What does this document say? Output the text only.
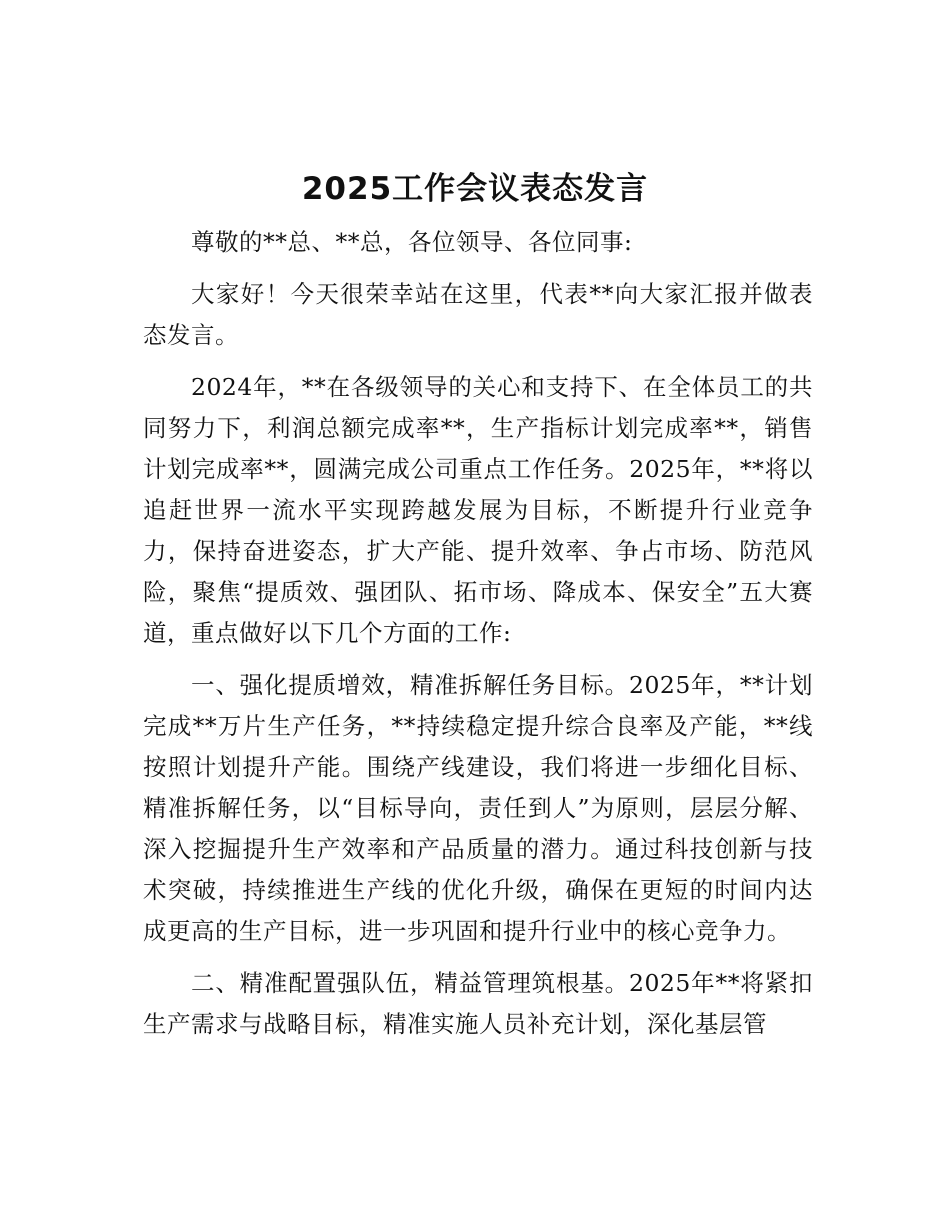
2025工作会议表态发言

尊敬的**总、**总，各位领导、各位同事:

大家好！今天很荣幸站在这里，代表**向大家汇报并做表态发言。

2024年，**在各级领导的关心和支持下、在全体员工的共同努力下，利润总额完成率**，生产指标计划完成率**，销售计划完成率**，圆满完成公司重点工作任务。2025年，**将以追赶世界一流水平实现跨越发展为目标，不断提升行业竞争力，保持奋进姿态，扩大产能、提升效率、争占市场、防范风险，聚焦“提质效、强团队、拓市场、降成本、保安全”五大赛道，重点做好以下几个方面的工作:

一、强化提质增效，精准拆解任务目标。2025年，**计划完成**万片生产任务，**持续稳定提升综合良率及产能，**线按照计划提升产能。围绕产线建设，我们将进一步细化目标、精准拆解任务，以“目标导向，责任到人”为原则，层层分解、深入挖掘提升生产效率和产品质量的潜力。通过科技创新与技术突破，持续推进生产线的优化升级，确保在更短的时间内达成更高的生产目标，进一步巩固和提升行业中的核心竞争力。

二、精准配置强队伍，精益管理筑根基。2025年**将紧扣生产需求与战略目标，精准实施人员补充计划，深化基层管
